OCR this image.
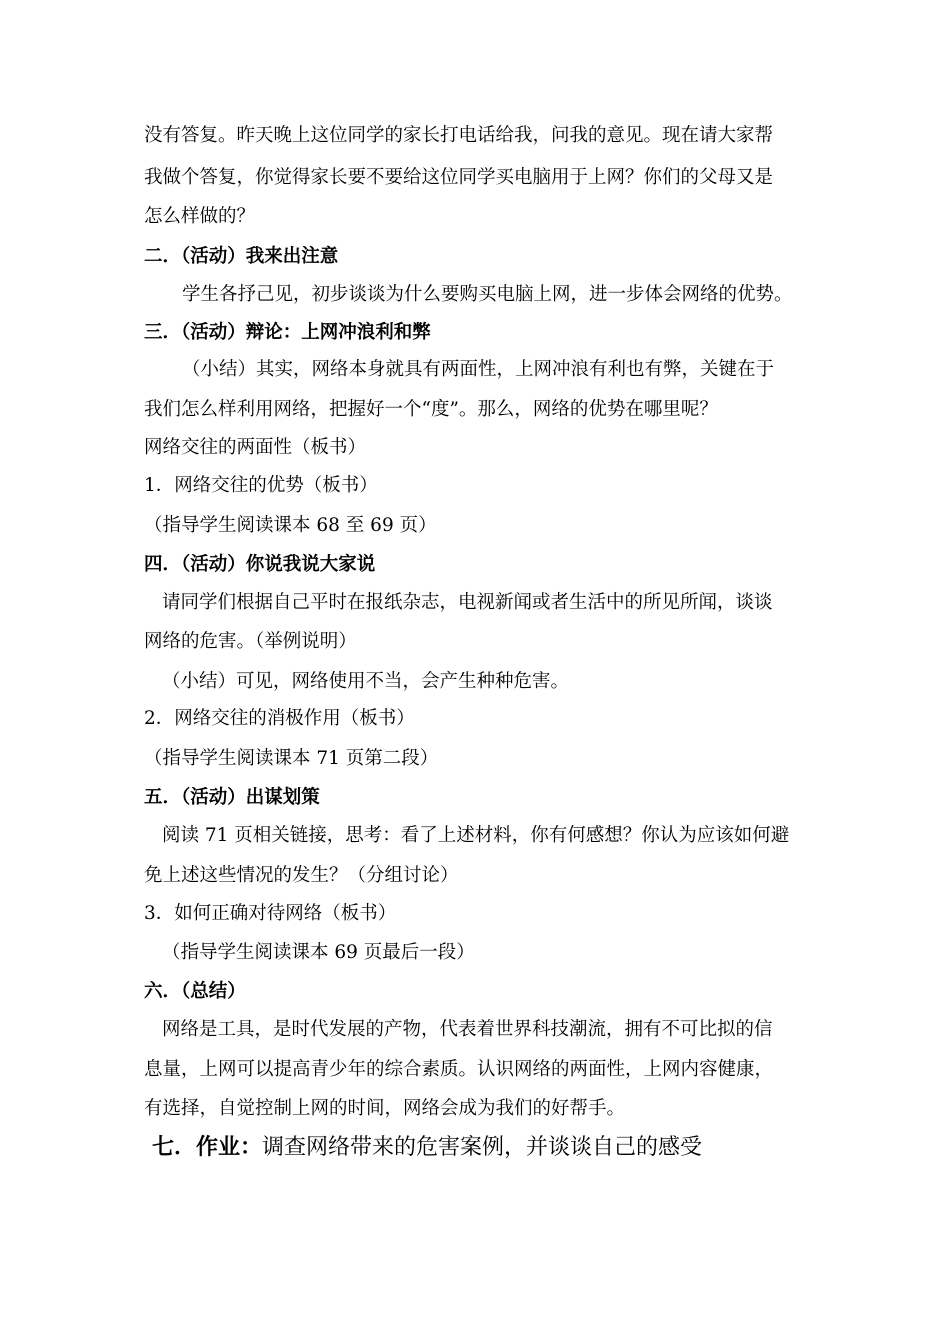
没有答复。昨天晚上这位同学的家长打电话给我，问我的意见。现在请大家帮
我做个答复，你觉得家长要不要给这位同学买电脑用于上网？你们的父母又是
怎么样做的？
二．（活动）我来出注意
学生各抒己见，初步谈谈为什么要购买电脑上网，进一步体会网络的优势。
三．（活动）辩论：上网冲浪利和弊
（小结）其实，网络本身就具有两面性，上网冲浪有利也有弊，关键在于
我们怎么样利用网络，把握好一个“度”。那么，网络的优势在哪里呢？
网络交往的两面性（板书）
1．网络交往的优势（板书）
（指导学生阅读课本 68 至 69 页）
四．（活动）你说我说大家说
请同学们根据自己平时在报纸杂志，电视新闻或者生活中的所见所闻，谈谈
网络的危害。（举例说明）
（小结）可见，网络使用不当，会产生种种危害。
2．网络交往的消极作用（板书）
（指导学生阅读课本 71 页第二段）
五．（活动）出谋划策
阅读 71 页相关链接，思考：看了上述材料，你有何感想？你认为应该如何避
免上述这些情况的发生？（分组讨论）
3．如何正确对待网络（板书）
（指导学生阅读课本 69 页最后一段）
六．（总结）
网络是工具，是时代发展的产物，代表着世界科技潮流，拥有不可比拟的信
息量，上网可以提高青少年的综合素质。认识网络的两面性，上网内容健康，
有选择，自觉控制上网的时间，网络会成为我们的好帮手。
七．作业：调查网络带来的危害案例，并谈谈自己的感受
